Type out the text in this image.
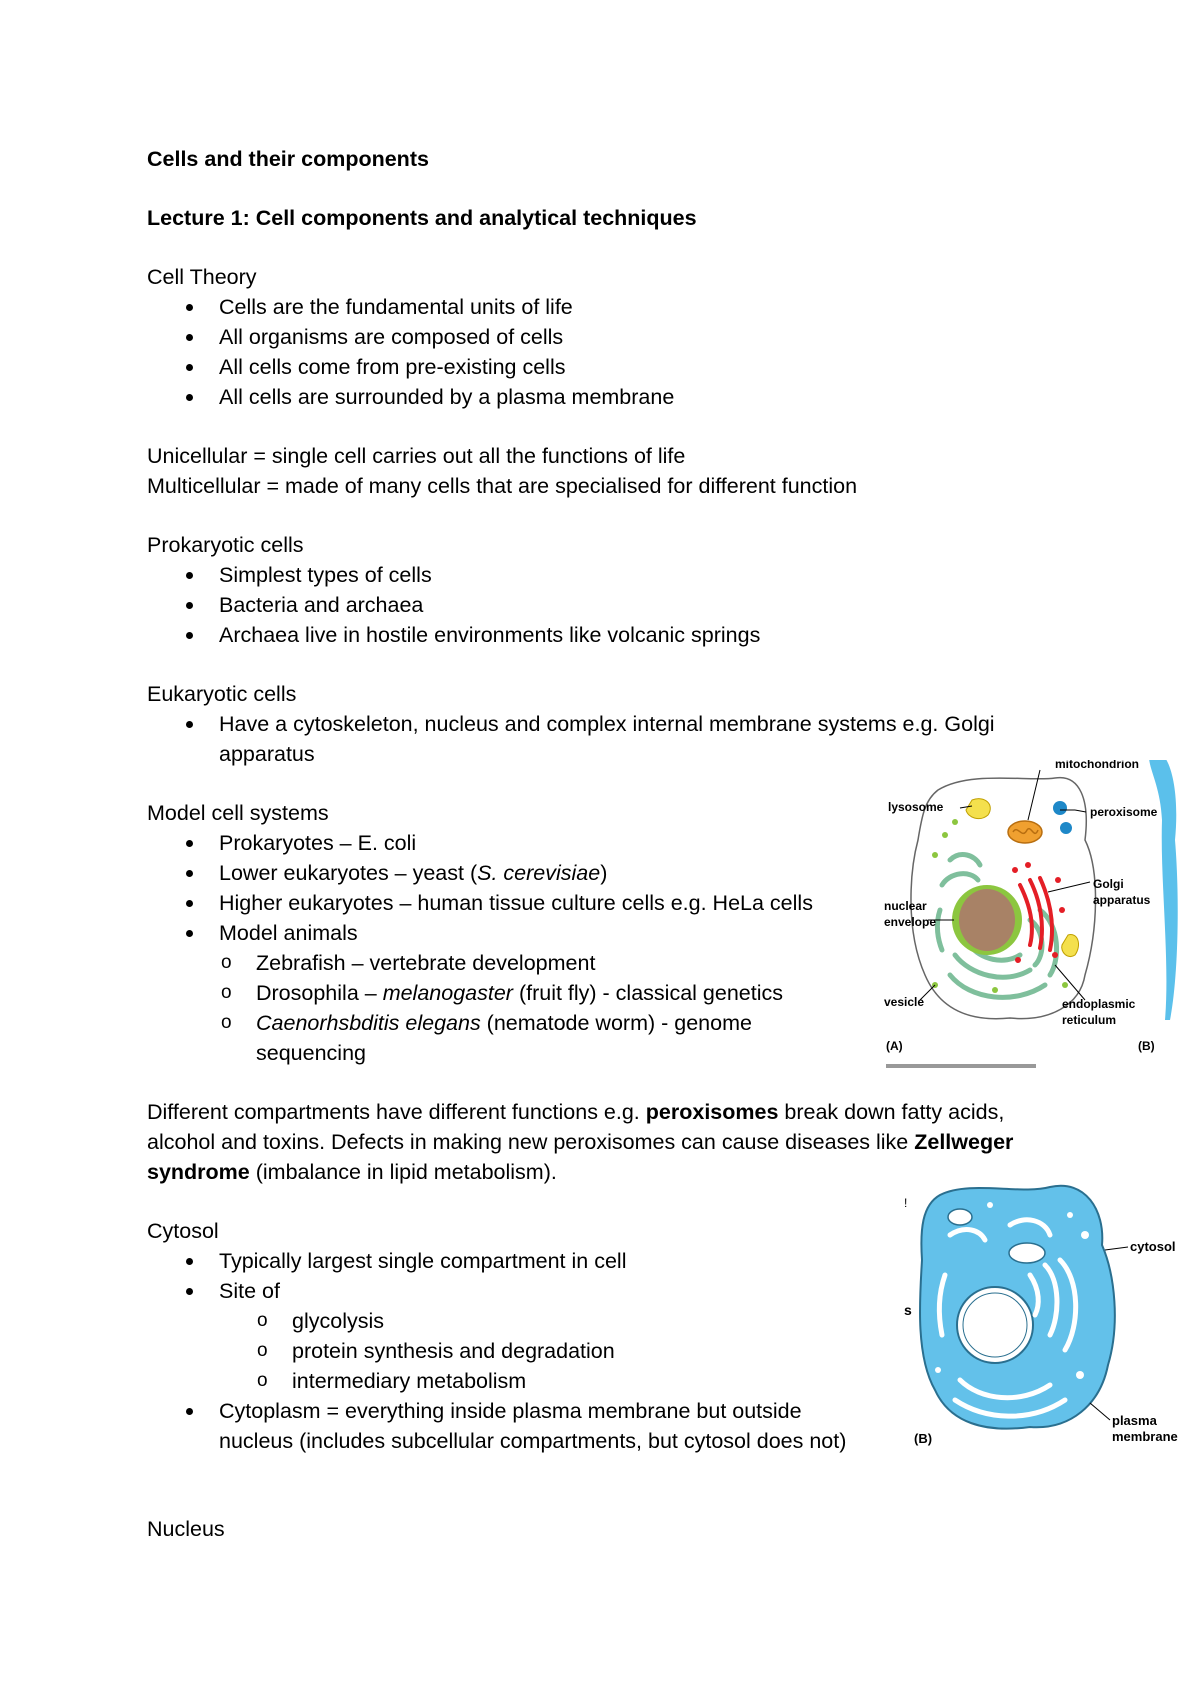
Cells and their components
Lecture 1: Cell components and analytical techniques
Cell Theory
Cells are the fundamental units of life
All organisms are composed of cells
All cells come from pre-existing cells
All cells are surrounded by a plasma membrane
Unicellular = single cell carries out all the functions of life
Multicellular = made of many cells that are specialised for different function
Prokaryotic cells
Simplest types of cells
Bacteria and archaea
Archaea live in hostile environments like volcanic springs
Eukaryotic cells
Have a cytoskeleton, nucleus and complex internal membrane systems e.g. Golgi
apparatus
Model cell systems
Prokaryotes – E. coli
Lower eukaryotes – yeast (S. cerevisiae)
Higher eukaryotes – human tissue culture cells e.g. HeLa cells
Model animals
o Zebrafish – vertebrate development
o Drosophila – melanogaster (fruit fly) - classical genetics
o Caenorhsbditis elegans (nematode worm) - genome
sequencing
Different compartments have different functions e.g. peroxisomes break down fatty acids,
alcohol and toxins. Defects in making new peroxisomes can cause diseases like Zellweger
syndrome (imbalance in lipid metabolism).
Cytosol
Typically largest single compartment in cell
Site of
o glycolysis
o protein synthesis and degradation
o intermediary metabolism
Cytoplasm = everything inside plasma membrane but outside
nucleus (includes subcellular compartments, but cytosol does not)
Nucleus
mitochondrion
lysosome	peroxisome
Golgi
apparatus
nuclear
envelope
vesicle	endoplasmic
reticulum
(A)	(B)
!
s
cytosol
plasma
membrane
(B)
